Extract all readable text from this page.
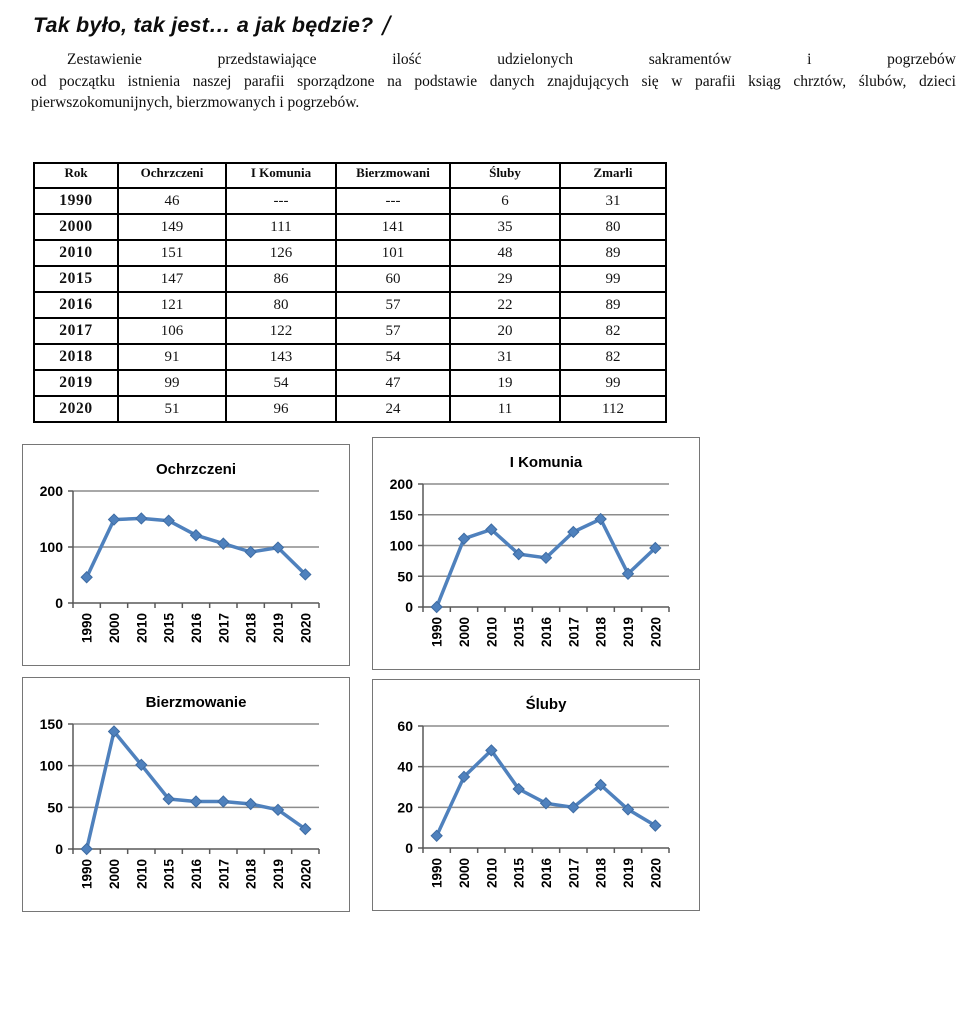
Tak było, tak jest… a jak będzie? /

Zestawienie przedstawiające ilość udzielonych sakramentów i pogrzebów
od początku istnienia naszej parafii sporządzone na podstawie danych znajdujących się w parafii ksiąg chrztów, ślubów, dzieci
pierwszokomunijnych, bierzmowanych i pogrzebów.

Rok	Ochrzczeni	I Komunia	Bierzmowani	Śluby	Zmarli
1990	46	---	---	6	31
2000	149	111	141	35	80
2010	151	126	101	48	89
2015	147	86	60	29	99
2016	121	80	57	22	89
2017	106	122	57	20	82
2018	91	143	54	31	82
2019	99	54	47	19	99
2020	51	96	24	11	112
Ochrzczeni
0
100
200
1990 2000 2010 2015 2016 2017 2018 2019 2020
I Komunia
0
50
100
150
200
1990 2000 2010 2015 2016 2017 2018 2019 2020
Bierzmowanie
0
50
100
150
1990 2000 2010 2015 2016 2017 2018 2019 2020
Śluby
0
20
40
60
1990 2000 2010 2015 2016 2017 2018 2019 2020
